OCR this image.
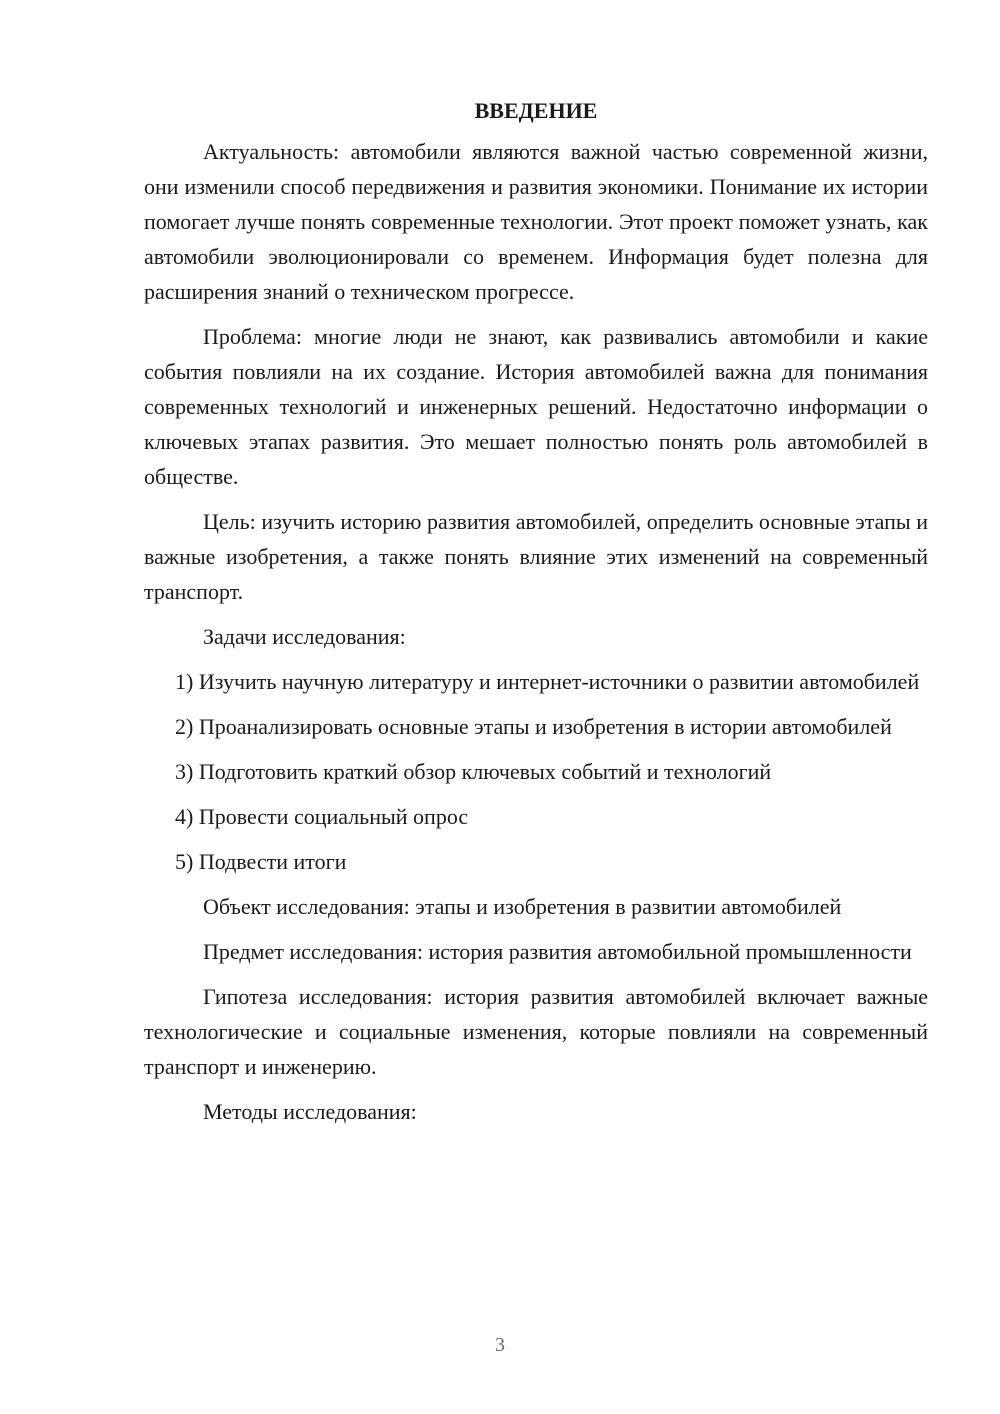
ВВЕДЕНИЕ

Актуальность: автомобили являются важной частью современной жизни, они изменили способ передвижения и развития экономики. Понимание их истории помогает лучше понять современные технологии. Этот проект поможет узнать, как автомобили эволюционировали со временем. Информация будет полезна для расширения знаний о техническом прогрессе.

Проблема: многие люди не знают, как развивались автомобили и какие события повлияли на их создание. История автомобилей важна для понимания современных технологий и инженерных решений. Недостаточно информации о ключевых этапах развития. Это мешает полностью понять роль автомобилей в обществе.

Цель: изучить историю развития автомобилей, определить основные этапы и важные изобретения, а также понять влияние этих изменений на современный транспорт.

Задачи исследования:

1) Изучить научную литературу и интернет-источники о развитии автомобилей

2) Проанализировать основные этапы и изобретения в истории автомобилей

3) Подготовить краткий обзор ключевых событий и технологий

4) Провести социальный опрос

5) Подвести итоги

Объект исследования: этапы и изобретения в развитии автомобилей

Предмет исследования: история развития автомобильной промышленности

Гипотеза исследования: история развития автомобилей включает важные технологические и социальные изменения, которые повлияли на современный транспорт и инженерию.

Методы исследования:

3
